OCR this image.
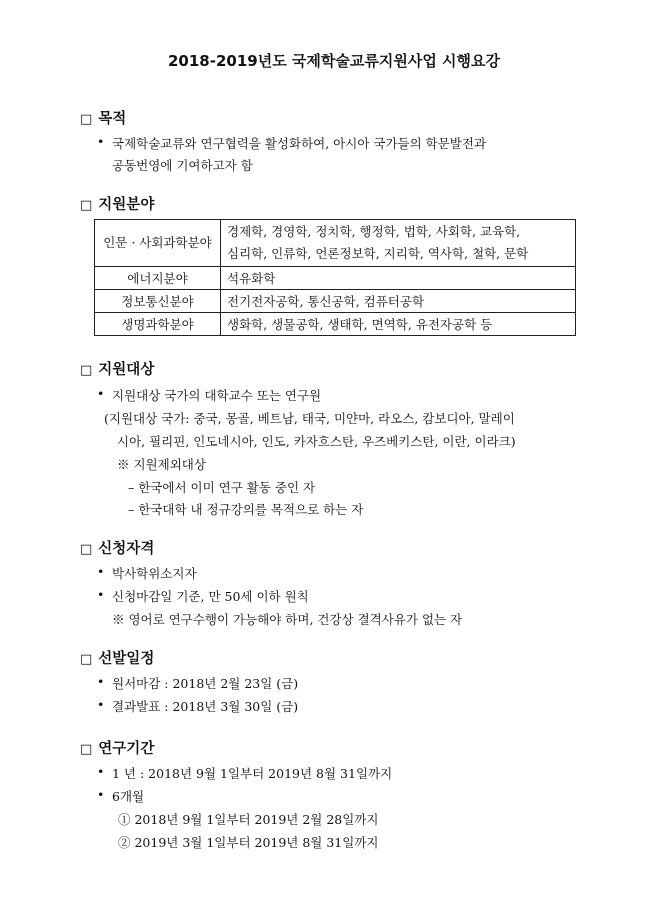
2018-2019년도 국제학술교류지원사업 시행요강
□ 목적
• 국제학술교류와 연구협력을 활성화하여, 아시아 국가들의 학문발전과
공동번영에 기여하고자 함
□ 지원분야
인문 · 사회과학분야	경제학, 경영학, 정치학, 행정학, 법학, 사회학, 교육학,
심리학, 인류학, 언론정보학, 지리학, 역사학, 철학, 문학

에너지분야	석유화학
정보통신분야	전기전자공학, 통신공학, 컴퓨터공학
생명과학분야	생화학, 생물공학, 생태학, 면역학, 유전자공학 등
□ 지원대상
• 지원대상 국가의 대학교수 또는 연구원
(지원대상 국가: 중국, 몽골, 베트남, 태국, 미얀마, 라오스, 캄보디아, 말레이
시아, 필리핀, 인도네시아, 인도, 카자흐스탄, 우즈베키스탄, 이란, 이라크)
※ 지원제외대상
– 한국에서 이미 연구 활동 중인 자
– 한국대학 내 정규강의를 목적으로 하는 자
□ 신청자격
• 박사학위소지자
• 신청마감일 기준, 만 50세 이하 원칙
※ 영어로 연구수행이 가능해야 하며, 건강상 결격사유가 없는 자
□ 선발일정
• 원서마감 : 2018년 2월 23일 (금)
• 결과발표 : 2018년 3월 30일 (금)
□ 연구기간
• 1 년 : 2018년 9월 1일부터 2019년 8월 31일까지
• 6개월
① 2018년 9월 1일부터 2019년 2월 28일까지
② 2019년 3월 1일부터 2019년 8월 31일까지
